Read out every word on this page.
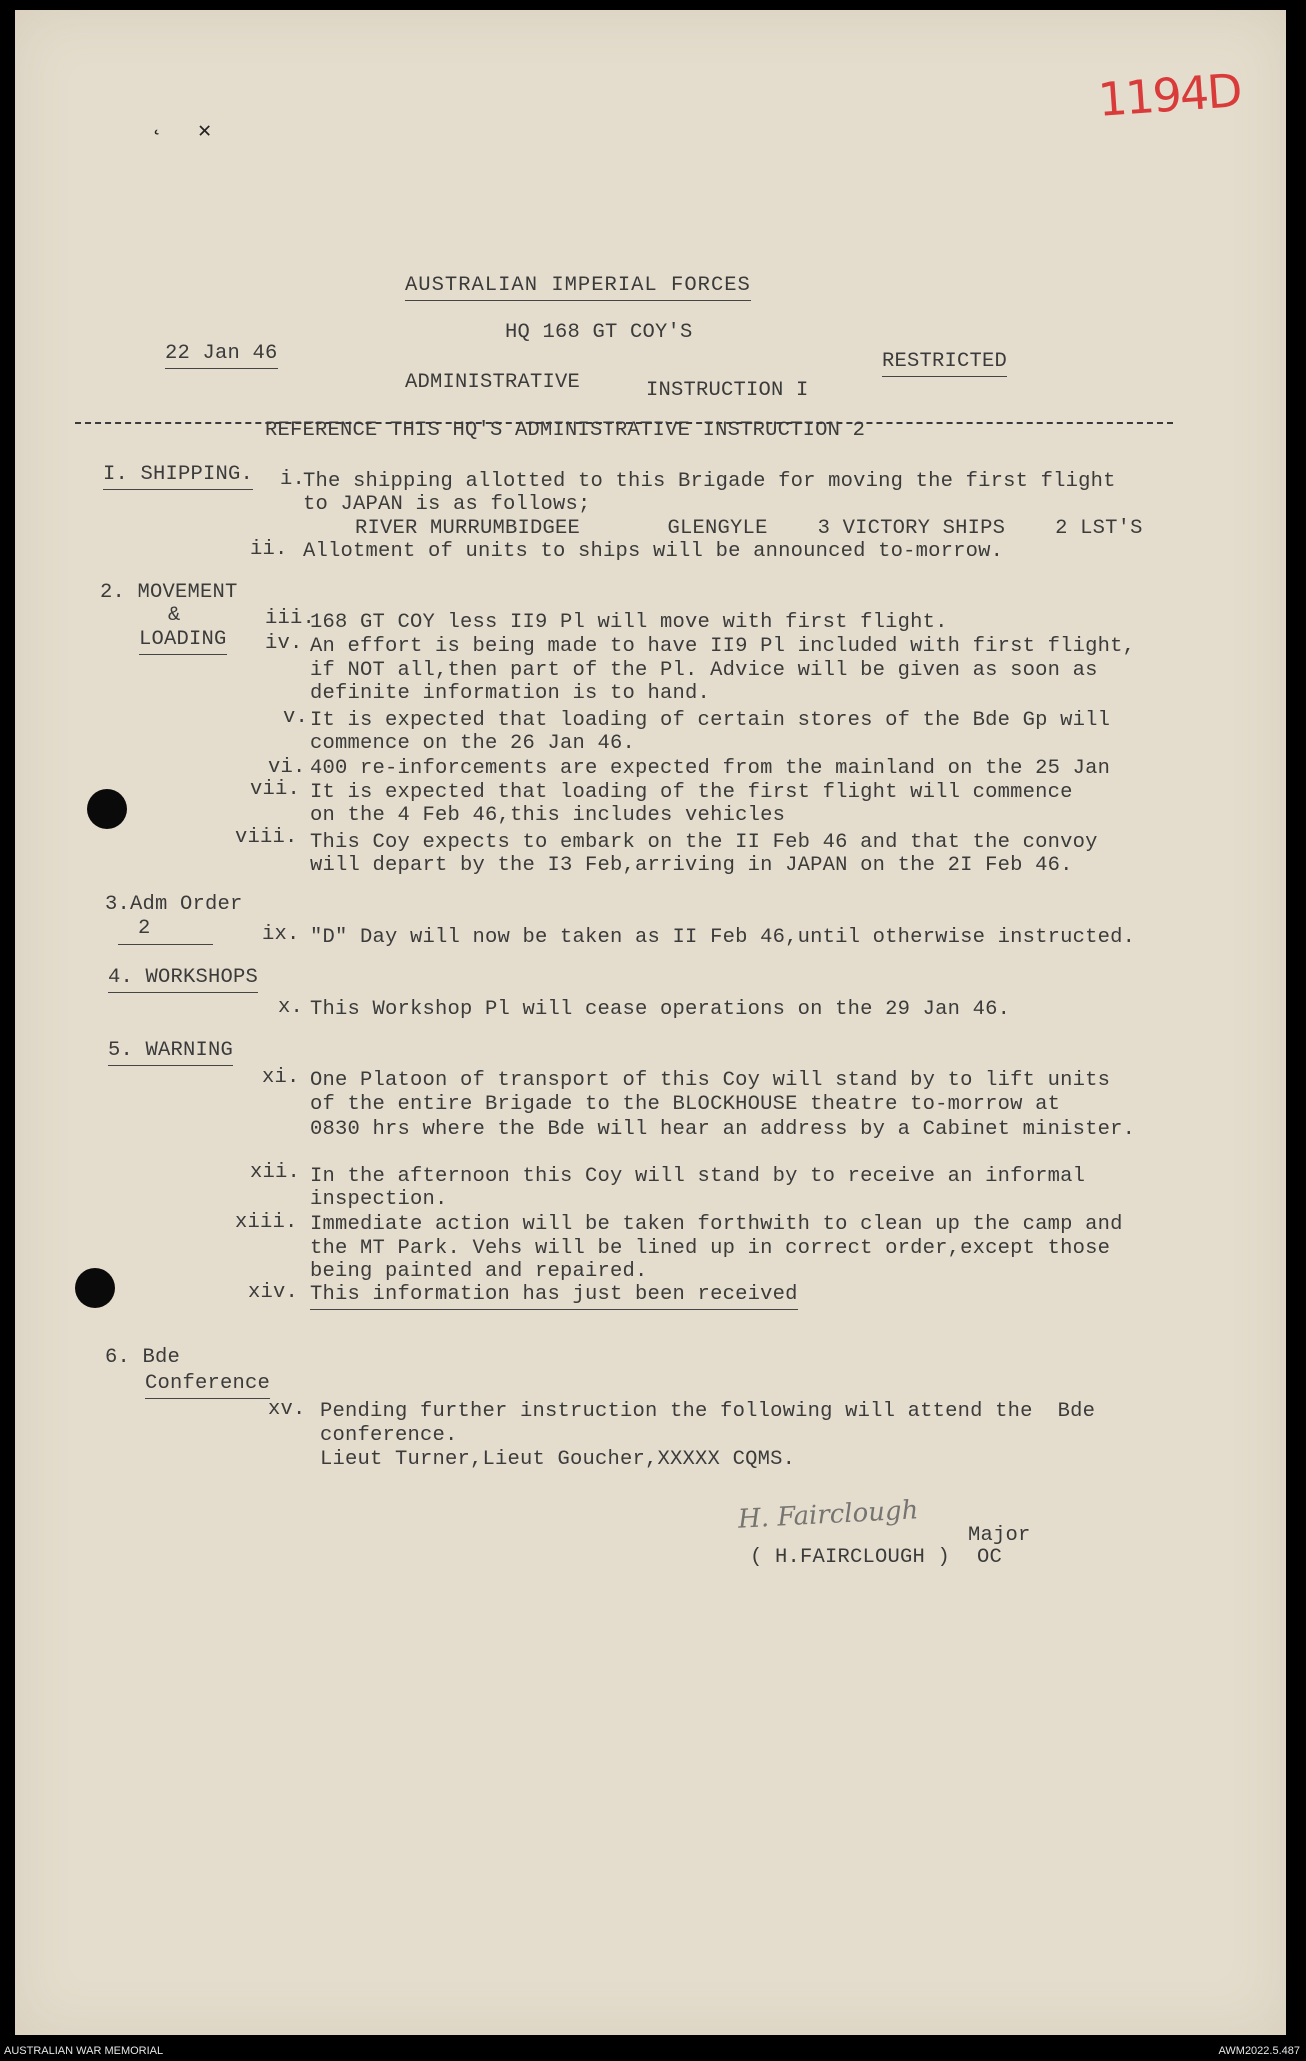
˛ ✕
1194D
AUSTRALIAN IMPERIAL FORCES
HQ 168 GT COY'S
22 Jan 46	RESTRICTED
ADMINISTRATIVE	INSTRUCTION I
REFERENCE THIS HQ'S ADMINISTRATIVE INSTRUCTION 2
I. SHIPPING. i.
The shipping allotted to this Brigade for moving the first flight
to JAPAN is as follows;
RIVER MURRUMBIDGEE       GLENGYLE    3 VICTORY SHIPS    2 LST'S
ii. Allotment of units to ships will be announced to-morrow.
2. MOVEMENT
&
LOADING
iii.
168 GT COY less II9 Pl will move with first flight.
iv. An effort is being made to have II9 Pl included with first flight,
if NOT all,then part of the Pl. Advice will be given as soon as
definite information is to hand.
v. It is expected that loading of certain stores of the Bde Gp will
commence on the 26 Jan 46.
vi. 400 re-inforcements are expected from the mainland on the 25 Jan
vii. It is expected that loading of the first flight will commence
on the 4 Feb 46,this includes vehicles
viii. This Coy expects to embark on the II Feb 46 and that the convoy
will depart by the I3 Feb,arriving in JAPAN on the 2I Feb 46.
3.Adm Order
2	ix. "D" Day will now be taken as II Feb 46,until otherwise instructed.
4. WORKSHOPS
x. This Workshop Pl will cease operations on the 29 Jan 46.
5. WARNING
xi. One Platoon of transport of this Coy will stand by to lift units
of the entire Brigade to the BLOCKHOUSE theatre to-morrow at
0830 hrs where the Bde will hear an address by a Cabinet minister.
xii. In the afternoon this Coy will stand by to receive an informal
inspection.
xiii. Immediate action will be taken forthwith to clean up the camp and
the MT Park. Vehs will be lined up in correct order,except those
being painted and repaired.
xiv. This information has just been received
6. Bde
Conference
xv. Pending further instruction the following will attend the  Bde
conference.
Lieut Turner,Lieut Goucher,XXXXX CQMS.
H. Fairclough
Major
( H.FAIRCLOUGH ) OC
AUSTRALIAN WAR MEMORIAL	AWM2022.5.487
